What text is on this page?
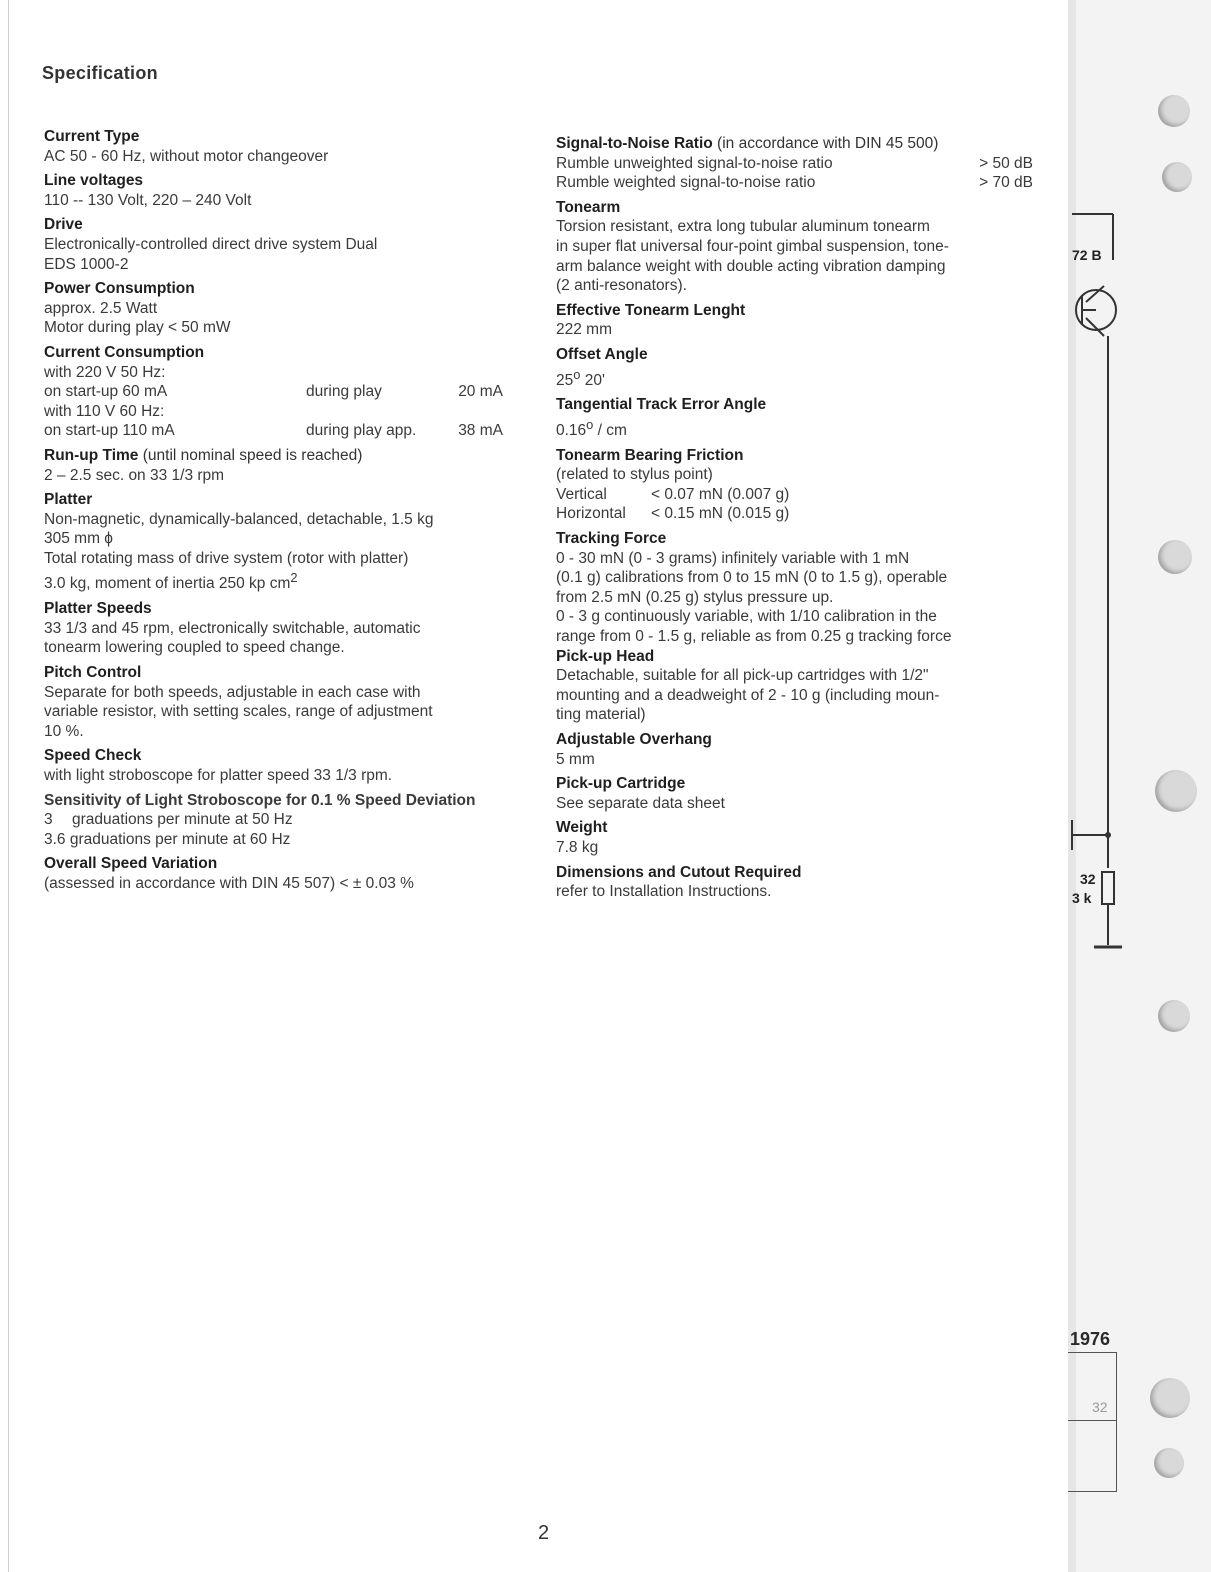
Specification
Current Type
AC 50 - 60 Hz, without motor changeover
Line voltages
110 -- 130 Volt, 220 – 240 Volt
Drive
Electronically-controlled direct drive system Dual
EDS 1000-2
Power Consumption
approx. 2.5 Watt
Motor during play < 50 mW
Current Consumption
with 220 V 50 Hz:
on start-up 60 mA	during play	20 mA
with 110 V 60 Hz:
on start-up 110 mA	during play app.	38 mA
Run-up Time (until nominal speed is reached)
2 – 2.5 sec. on 33 1/3 rpm
Platter
Non-magnetic, dynamically-balanced, detachable, 1.5 kg
305 mm ϕ
Total rotating mass of drive system (rotor with platter)
3.0 kg, moment of inertia 250 kp $cm^2$
Platter Speeds
33 1/3 and 45 rpm, electronically switchable, automatic
tonearm lowering coupled to speed change.
Pitch Control
Separate for both speeds, adjustable in each case with
variable resistor, with setting scales, range of adjustment
10 %.
Speed Check
with light stroboscope for platter speed 33 1/3 rpm.
Sensitivity of Light Stroboscope for 0.1 % Speed Deviation
3 graduations per minute at 50 Hz
3.6 graduations per minute at 60 Hz
Overall Speed Variation
(assessed in accordance with DIN 45 507) < ± 0.03 %
Signal-to-Noise Ratio (in accordance with DIN 45 500)
Rumble unweighted signal-to-noise ratio	> 50 dB
Rumble weighted signal-to-noise ratio	> 70 dB
Tonearm
Torsion resistant, extra long tubular aluminum tonearm
in super flat universal four-point gimbal suspension, tone-
arm balance weight with double acting vibration damping
(2 anti-resonators).
Effective Tonearm Lenght
222 mm
Offset Angle
25$^o$ 20'
Tangential Track Error Angle
0.16$^o$ / cm
Tonearm Bearing Friction
(related to stylus point)
Vertical	< 0.07 mN (0.007 g)
Horizontal	< 0.15 mN (0.015 g)
Tracking Force
0 - 30 mN (0 - 3 grams) infinitely variable with 1 mN
(0.1 g) calibrations from 0 to 15 mN (0 to 1.5 g), operable
from 2.5 mN (0.25 g) stylus pressure up.
0 - 3 g continuously variable, with 1/10 calibration in the
range from 0 - 1.5 g, reliable as from 0.25 g tracking force
Pick-up Head
Detachable, suitable for all pick-up cartridges with 1/2"
mounting and a deadweight of 2 - 10 g (including moun-
ting material)
Adjustable Overhang
5 mm
Pick-up Cartridge
See separate data sheet
Weight
7.8 kg
Dimensions and Cutout Required
refer to Installation Instructions.
72 B
32
3 k
1976
32
2
